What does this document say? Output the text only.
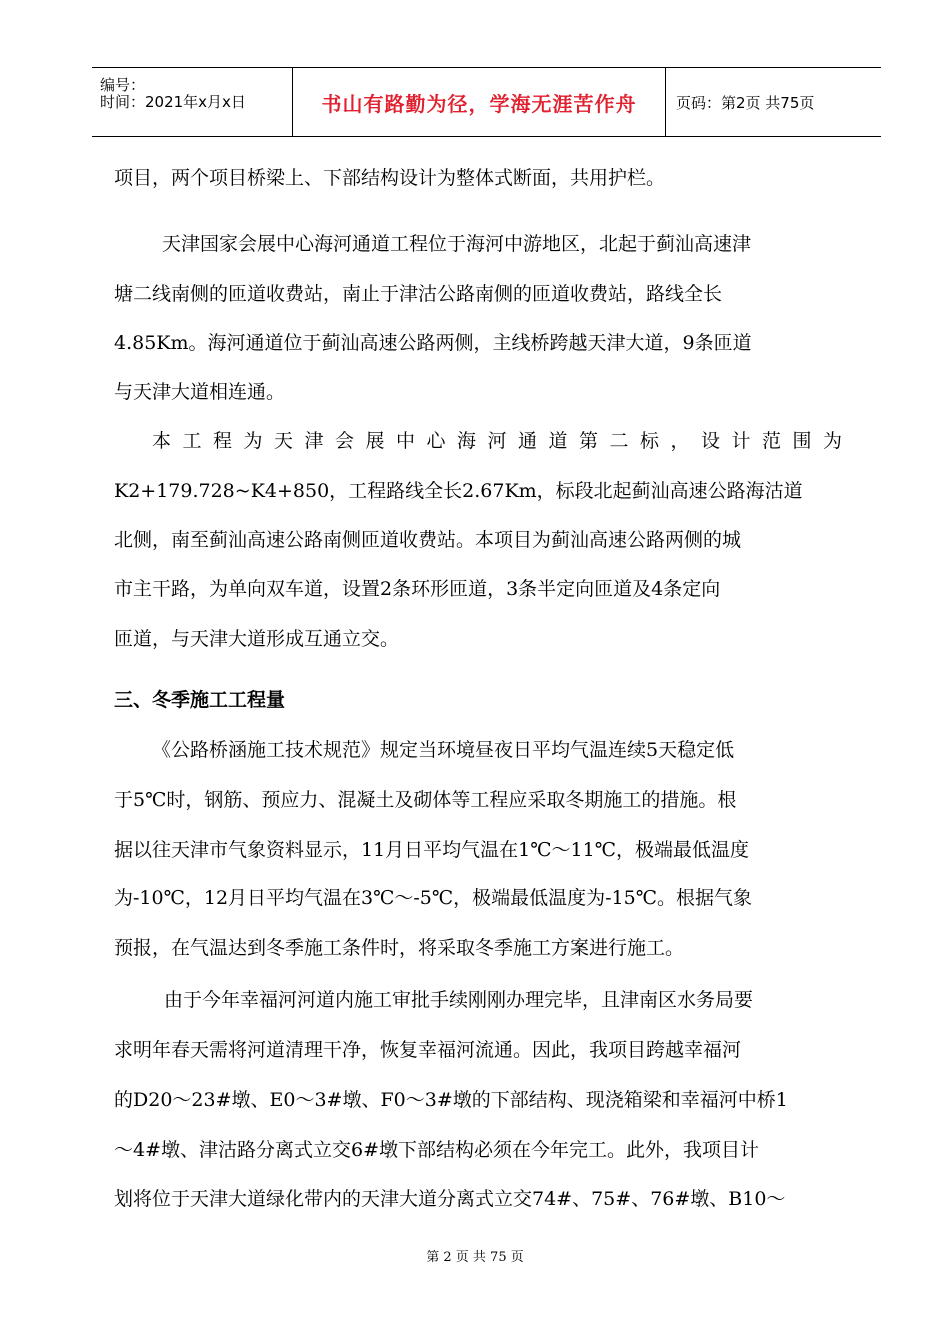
编号：
时间：2021年x月x日	书山有路勤为径，学海无涯苦作舟	页码：第2页 共75页
项目，两个项目桥梁上、下部结构设计为整体式断面，共用护栏。
天津国家会展中心海河通道工程位于海河中游地区，北起于蓟汕高速津
塘二线南侧的匝道收费站，南止于津沽公路南侧的匝道收费站，路线全长
4.85Km。海河通道位于蓟汕高速公路两侧，主线桥跨越天津大道，9条匝道
与天津大道相连通。
本工程为天津会展中心海河通道第二标，设计范围为
K2+179.728~K4+850，工程路线全长2.67Km，标段北起蓟汕高速公路海沽道
北侧，南至蓟汕高速公路南侧匝道收费站。本项目为蓟汕高速公路两侧的城
市主干路，为单向双车道，设置2条环形匝道，3条半定向匝道及4条定向
匝道，与天津大道形成互通立交。
三、冬季施工工程量
《公路桥涵施工技术规范》规定当环境昼夜日平均气温连续5天稳定低
于5℃时，钢筋、预应力、混凝土及砌体等工程应采取冬期施工的措施。根
据以往天津市气象资料显示，11月日平均气温在1℃～11℃，极端最低温度
为-10℃，12月日平均气温在3℃～-5℃，极端最低温度为-15℃。根据气象
预报，在气温达到冬季施工条件时，将采取冬季施工方案进行施工。
由于今年幸福河河道内施工审批手续刚刚办理完毕，且津南区水务局要
求明年春天需将河道清理干净，恢复幸福河流通。因此，我项目跨越幸福河
的D20～23#墩、E0～3#墩、F0～3#墩的下部结构、现浇箱梁和幸福河中桥1
～4#墩、津沽路分离式立交6#墩下部结构必须在今年完工。此外，我项目计
划将位于天津大道绿化带内的天津大道分离式立交74#、75#、76#墩、B10～
第 2 页 共 75 页
